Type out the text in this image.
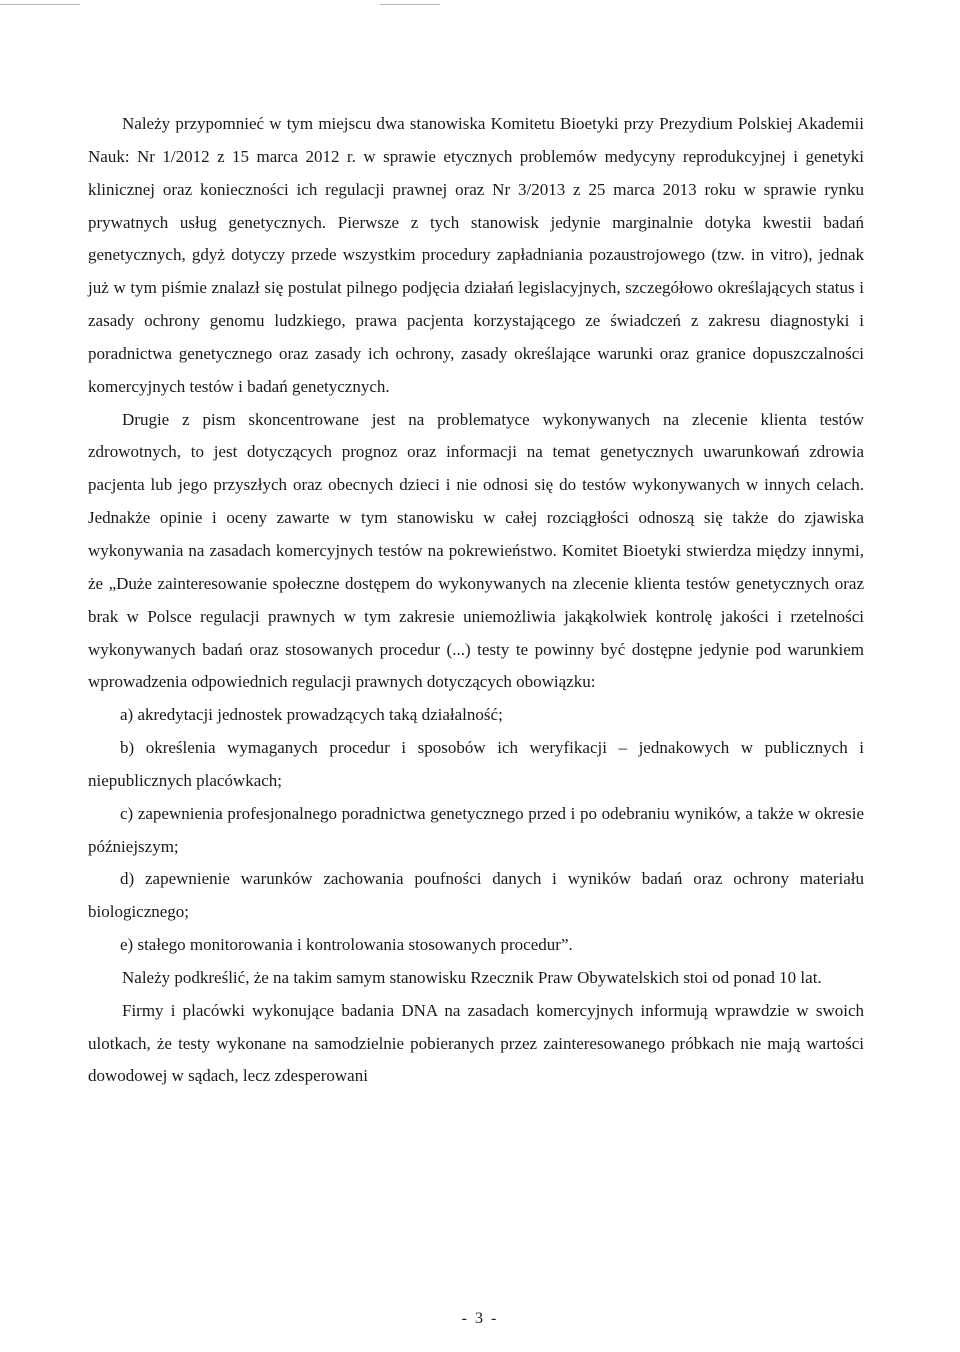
Należy przypomnieć w tym miejscu dwa stanowiska Komitetu Bioetyki przy Prezydium Polskiej Akademii Nauk: Nr 1/2012 z 15 marca 2012 r. w sprawie etycznych problemów medycyny reprodukcyjnej i genetyki klinicznej oraz konieczności ich regulacji prawnej oraz Nr 3/2013 z 25 marca 2013 roku w sprawie rynku prywatnych usług genetycznych. Pierwsze z tych stanowisk jedynie marginalnie dotyka kwestii badań genetycznych, gdyż dotyczy przede wszystkim procedury zapładniania pozaustrojowego (tzw. in vitro), jednak już w tym piśmie znalazł się postulat pilnego podjęcia działań legislacyjnych, szczegółowo określających status i zasady ochrony genomu ludzkiego, prawa pacjenta korzystającego ze świadczeń z zakresu diagnostyki i poradnictwa genetycznego oraz zasady ich ochrony, zasady określające warunki oraz granice dopuszczalności komercyjnych testów i badań genetycznych.

Drugie z pism skoncentrowane jest na problematyce wykonywanych na zlecenie klienta testów zdrowotnych, to jest dotyczących prognoz oraz informacji na temat genetycznych uwarunkowań zdrowia pacjenta lub jego przyszłych oraz obecnych dzieci i nie odnosi się do testów wykonywanych w innych celach. Jednakże opinie i oceny zawarte w tym stanowisku w całej rozciągłości odnoszą się także do zjawiska wykonywania na zasadach komercyjnych testów na pokrewieństwo. Komitet Bioetyki stwierdza między innymi, że „Duże zainteresowanie społeczne dostępem do wykonywanych na zlecenie klienta testów genetycznych oraz brak w Polsce regulacji prawnych w tym zakresie uniemożliwia jakąkolwiek kontrolę jakości i rzetelności wykonywanych badań oraz stosowanych procedur (...) testy te powinny być dostępne jedynie pod warunkiem wprowadzenia odpowiednich regulacji prawnych dotyczących obowiązku:

a) akredytacji jednostek prowadzących taką działalność;

b) określenia wymaganych procedur i sposobów ich weryfikacji – jednakowych w publicznych i niepublicznych placówkach;

c) zapewnienia profesjonalnego poradnictwa genetycznego przed i po odebraniu wyników, a także w okresie późniejszym;

d) zapewnienie warunków zachowania poufności danych i wyników badań oraz ochrony materiału biologicznego;

e) stałego monitorowania i kontrolowania stosowanych procedur”.

Należy podkreślić, że na takim samym stanowisku Rzecznik Praw Obywatelskich stoi od ponad 10 lat.

Firmy i placówki wykonujące badania DNA na zasadach komercyjnych informują wprawdzie w swoich ulotkach, że testy wykonane na samodzielnie pobieranych przez zainteresowanego próbkach nie mają wartości dowodowej w sądach, lecz zdesperowani

- 3 -
